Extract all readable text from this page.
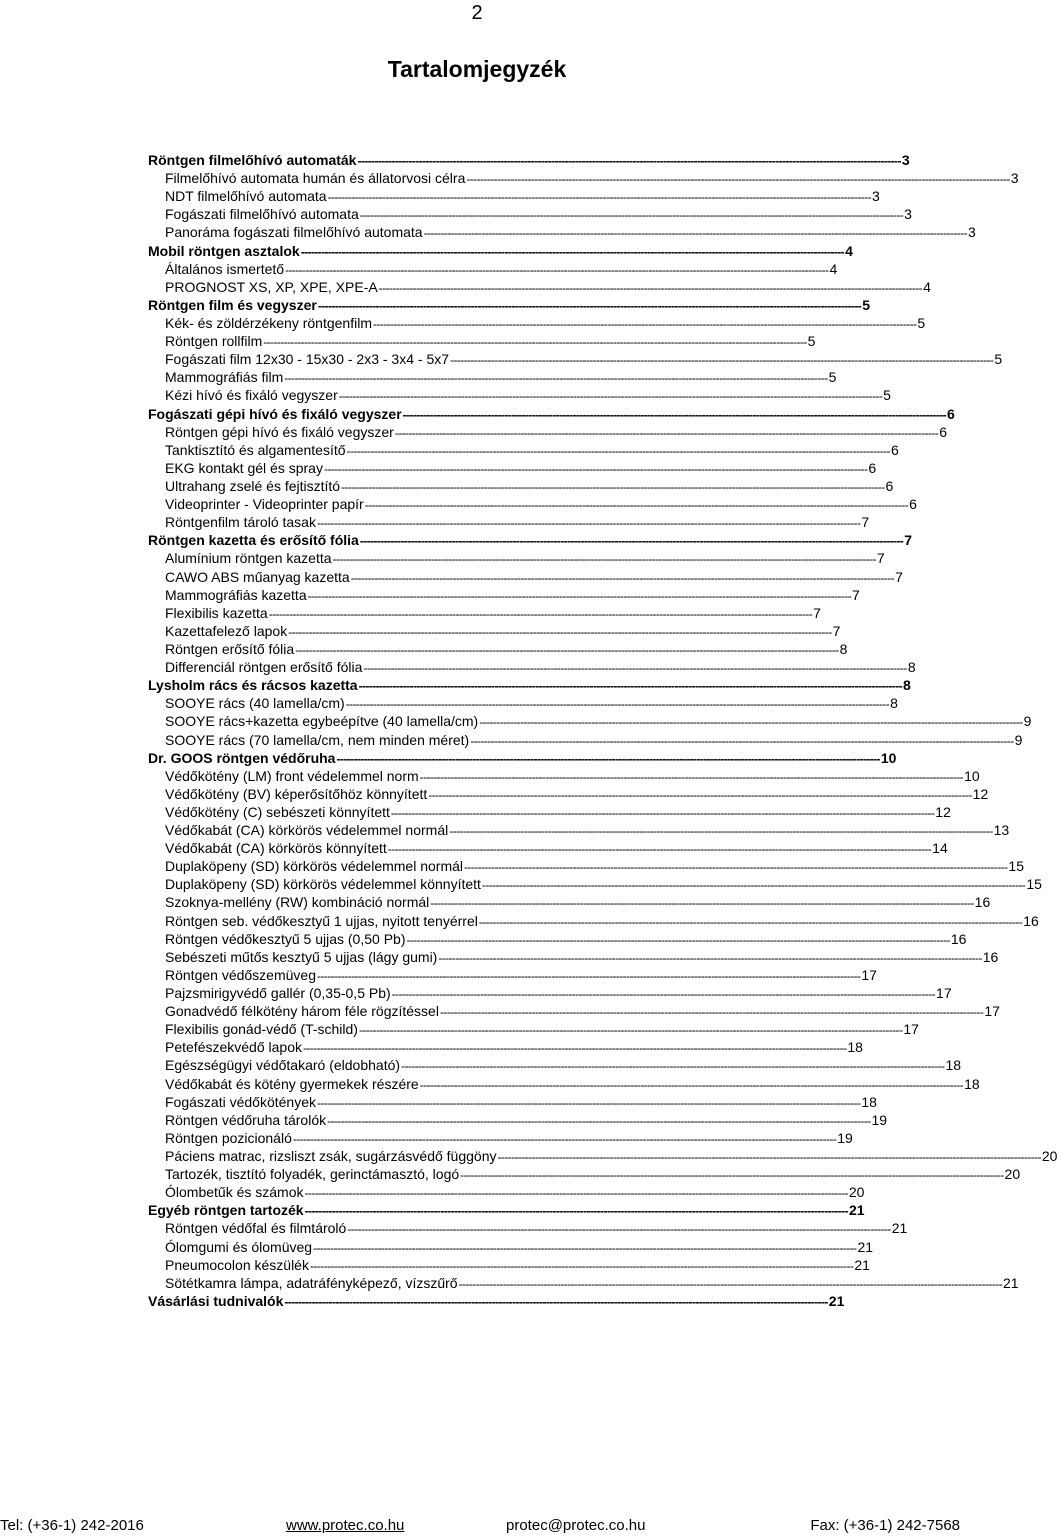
2
Tartalomjegyzék
Röntgen filmelőhívó automaták ---------------------------------------------------------------------------------------------------------------------------------------------------------------- 3
Filmelőhívó automata humán és állatorvosi célra ---------------------------------------------------------------------------------------------------------------------------------------------------------------- 3
NDT filmelőhívó automata ---------------------------------------------------------------------------------------------------------------------------------------------------------------- 3
Fogászati filmelőhívó automata ---------------------------------------------------------------------------------------------------------------------------------------------------------------- 3
Panoráma fogászati filmelőhívó automata ---------------------------------------------------------------------------------------------------------------------------------------------------------------- 3
Mobil röntgen asztalok ---------------------------------------------------------------------------------------------------------------------------------------------------------------- 4
Általános ismertető ---------------------------------------------------------------------------------------------------------------------------------------------------------------- 4
PROGNOST XS, XP, XPE, XPE-A ---------------------------------------------------------------------------------------------------------------------------------------------------------------- 4
Röntgen film és vegyszer ---------------------------------------------------------------------------------------------------------------------------------------------------------------- 5
Kék- és zöldérzékeny röntgenfilm ---------------------------------------------------------------------------------------------------------------------------------------------------------------- 5
Röntgen rollfilm ---------------------------------------------------------------------------------------------------------------------------------------------------------------- 5
Fogászati film 12x30 - 15x30 - 2x3 - 3x4 - 5x7 ---------------------------------------------------------------------------------------------------------------------------------------------------------------- 5
Mammográfiás film ---------------------------------------------------------------------------------------------------------------------------------------------------------------- 5
Kézi hívó és fixáló vegyszer ---------------------------------------------------------------------------------------------------------------------------------------------------------------- 5
Fogászati gépi hívó és fixáló vegyszer ---------------------------------------------------------------------------------------------------------------------------------------------------------------- 6
Röntgen gépi hívó és fixáló vegyszer ---------------------------------------------------------------------------------------------------------------------------------------------------------------- 6
Tanktisztító és algamentesítő ---------------------------------------------------------------------------------------------------------------------------------------------------------------- 6
EKG kontakt gél és spray ---------------------------------------------------------------------------------------------------------------------------------------------------------------- 6
Ultrahang zselé és fejtisztító ---------------------------------------------------------------------------------------------------------------------------------------------------------------- 6
Videoprinter - Videoprinter papír ---------------------------------------------------------------------------------------------------------------------------------------------------------------- 6
Röntgenfilm tároló tasak ---------------------------------------------------------------------------------------------------------------------------------------------------------------- 7
Röntgen kazetta és erősítő fólia ---------------------------------------------------------------------------------------------------------------------------------------------------------------- 7
Alumínium röntgen kazetta ---------------------------------------------------------------------------------------------------------------------------------------------------------------- 7
CAWO ABS műanyag kazetta ---------------------------------------------------------------------------------------------------------------------------------------------------------------- 7
Mammográfiás kazetta ---------------------------------------------------------------------------------------------------------------------------------------------------------------- 7
Flexibilis kazetta ---------------------------------------------------------------------------------------------------------------------------------------------------------------- 7
Kazettafelező lapok ---------------------------------------------------------------------------------------------------------------------------------------------------------------- 7
Röntgen erősítő fólia ---------------------------------------------------------------------------------------------------------------------------------------------------------------- 8
Differenciál röntgen erősítő fólia ---------------------------------------------------------------------------------------------------------------------------------------------------------------- 8
Lysholm rács és rácsos kazetta ---------------------------------------------------------------------------------------------------------------------------------------------------------------- 8
SOOYE rács (40 lamella/cm) ---------------------------------------------------------------------------------------------------------------------------------------------------------------- 8
SOOYE rács+kazetta egybeépítve (40 lamella/cm) ---------------------------------------------------------------------------------------------------------------------------------------------------------------- 9
SOOYE rács (70 lamella/cm, nem minden méret) ---------------------------------------------------------------------------------------------------------------------------------------------------------------- 9
Dr. GOOS röntgen védőruha ---------------------------------------------------------------------------------------------------------------------------------------------------------------- 10
Védőkötény (LM) front védelemmel norm ---------------------------------------------------------------------------------------------------------------------------------------------------------------- 10
Védőkötény (BV) képerősítőhöz könnyített ---------------------------------------------------------------------------------------------------------------------------------------------------------------- 12
Védőkötény (C) sebészeti könnyített ---------------------------------------------------------------------------------------------------------------------------------------------------------------- 12
Védőkabát (CA) körkörös védelemmel normál ---------------------------------------------------------------------------------------------------------------------------------------------------------------- 13
Védőkabát (CA) körkörös könnyített ---------------------------------------------------------------------------------------------------------------------------------------------------------------- 14
Duplaköpeny (SD) körkörös védelemmel normál ---------------------------------------------------------------------------------------------------------------------------------------------------------------- 15
Duplaköpeny (SD) körkörös védelemmel könnyített ---------------------------------------------------------------------------------------------------------------------------------------------------------------- 15
Szoknya-mellény (RW) kombináció normál ---------------------------------------------------------------------------------------------------------------------------------------------------------------- 16
Röntgen seb. védőkesztyű 1 ujjas, nyitott tenyérrel ---------------------------------------------------------------------------------------------------------------------------------------------------------------- 16
Röntgen védőkesztyű 5 ujjas (0,50 Pb) ---------------------------------------------------------------------------------------------------------------------------------------------------------------- 16
Sebészeti műtős kesztyű 5 ujjas (lágy gumi) ---------------------------------------------------------------------------------------------------------------------------------------------------------------- 16
Röntgen védőszemüveg ---------------------------------------------------------------------------------------------------------------------------------------------------------------- 17
Pajzsmirigyvédő gallér (0,35-0,5 Pb) ---------------------------------------------------------------------------------------------------------------------------------------------------------------- 17
Gonadvédő félkötény három féle rögzítéssel ---------------------------------------------------------------------------------------------------------------------------------------------------------------- 17
Flexibilis gonád-védő (T-schild) ---------------------------------------------------------------------------------------------------------------------------------------------------------------- 17
Petefészekvédő lapok ---------------------------------------------------------------------------------------------------------------------------------------------------------------- 18
Egészségügyi védőtakaró (eldobható) ---------------------------------------------------------------------------------------------------------------------------------------------------------------- 18
Védőkabát és kötény gyermekek részére ---------------------------------------------------------------------------------------------------------------------------------------------------------------- 18
Fogászati védőkötények ---------------------------------------------------------------------------------------------------------------------------------------------------------------- 18
Röntgen védőruha tárolók ---------------------------------------------------------------------------------------------------------------------------------------------------------------- 19
Röntgen pozicionáló ---------------------------------------------------------------------------------------------------------------------------------------------------------------- 19
Páciens matrac, rizsliszt zsák, sugárzásvédő függöny ---------------------------------------------------------------------------------------------------------------------------------------------------------------- 20
Tartozék, tisztító folyadék, gerinctámasztó, logó ---------------------------------------------------------------------------------------------------------------------------------------------------------------- 20
Ólombetűk és számok ---------------------------------------------------------------------------------------------------------------------------------------------------------------- 20
Egyéb röntgen tartozék ---------------------------------------------------------------------------------------------------------------------------------------------------------------- 21
Röntgen védőfal és filmtároló ---------------------------------------------------------------------------------------------------------------------------------------------------------------- 21
Ólomgumi és ólomüveg ---------------------------------------------------------------------------------------------------------------------------------------------------------------- 21
Pneumocolon készülék ---------------------------------------------------------------------------------------------------------------------------------------------------------------- 21
Sötétkamra lámpa, adatráfényképező, vízszűrő ---------------------------------------------------------------------------------------------------------------------------------------------------------------- 21
Vásárlási tudnivalók ---------------------------------------------------------------------------------------------------------------------------------------------------------------- 21
Tel: (+36-1) 242-2016	www.protec.co.hu	protec@protec.co.hu	Fax: (+36-1) 242-7568
